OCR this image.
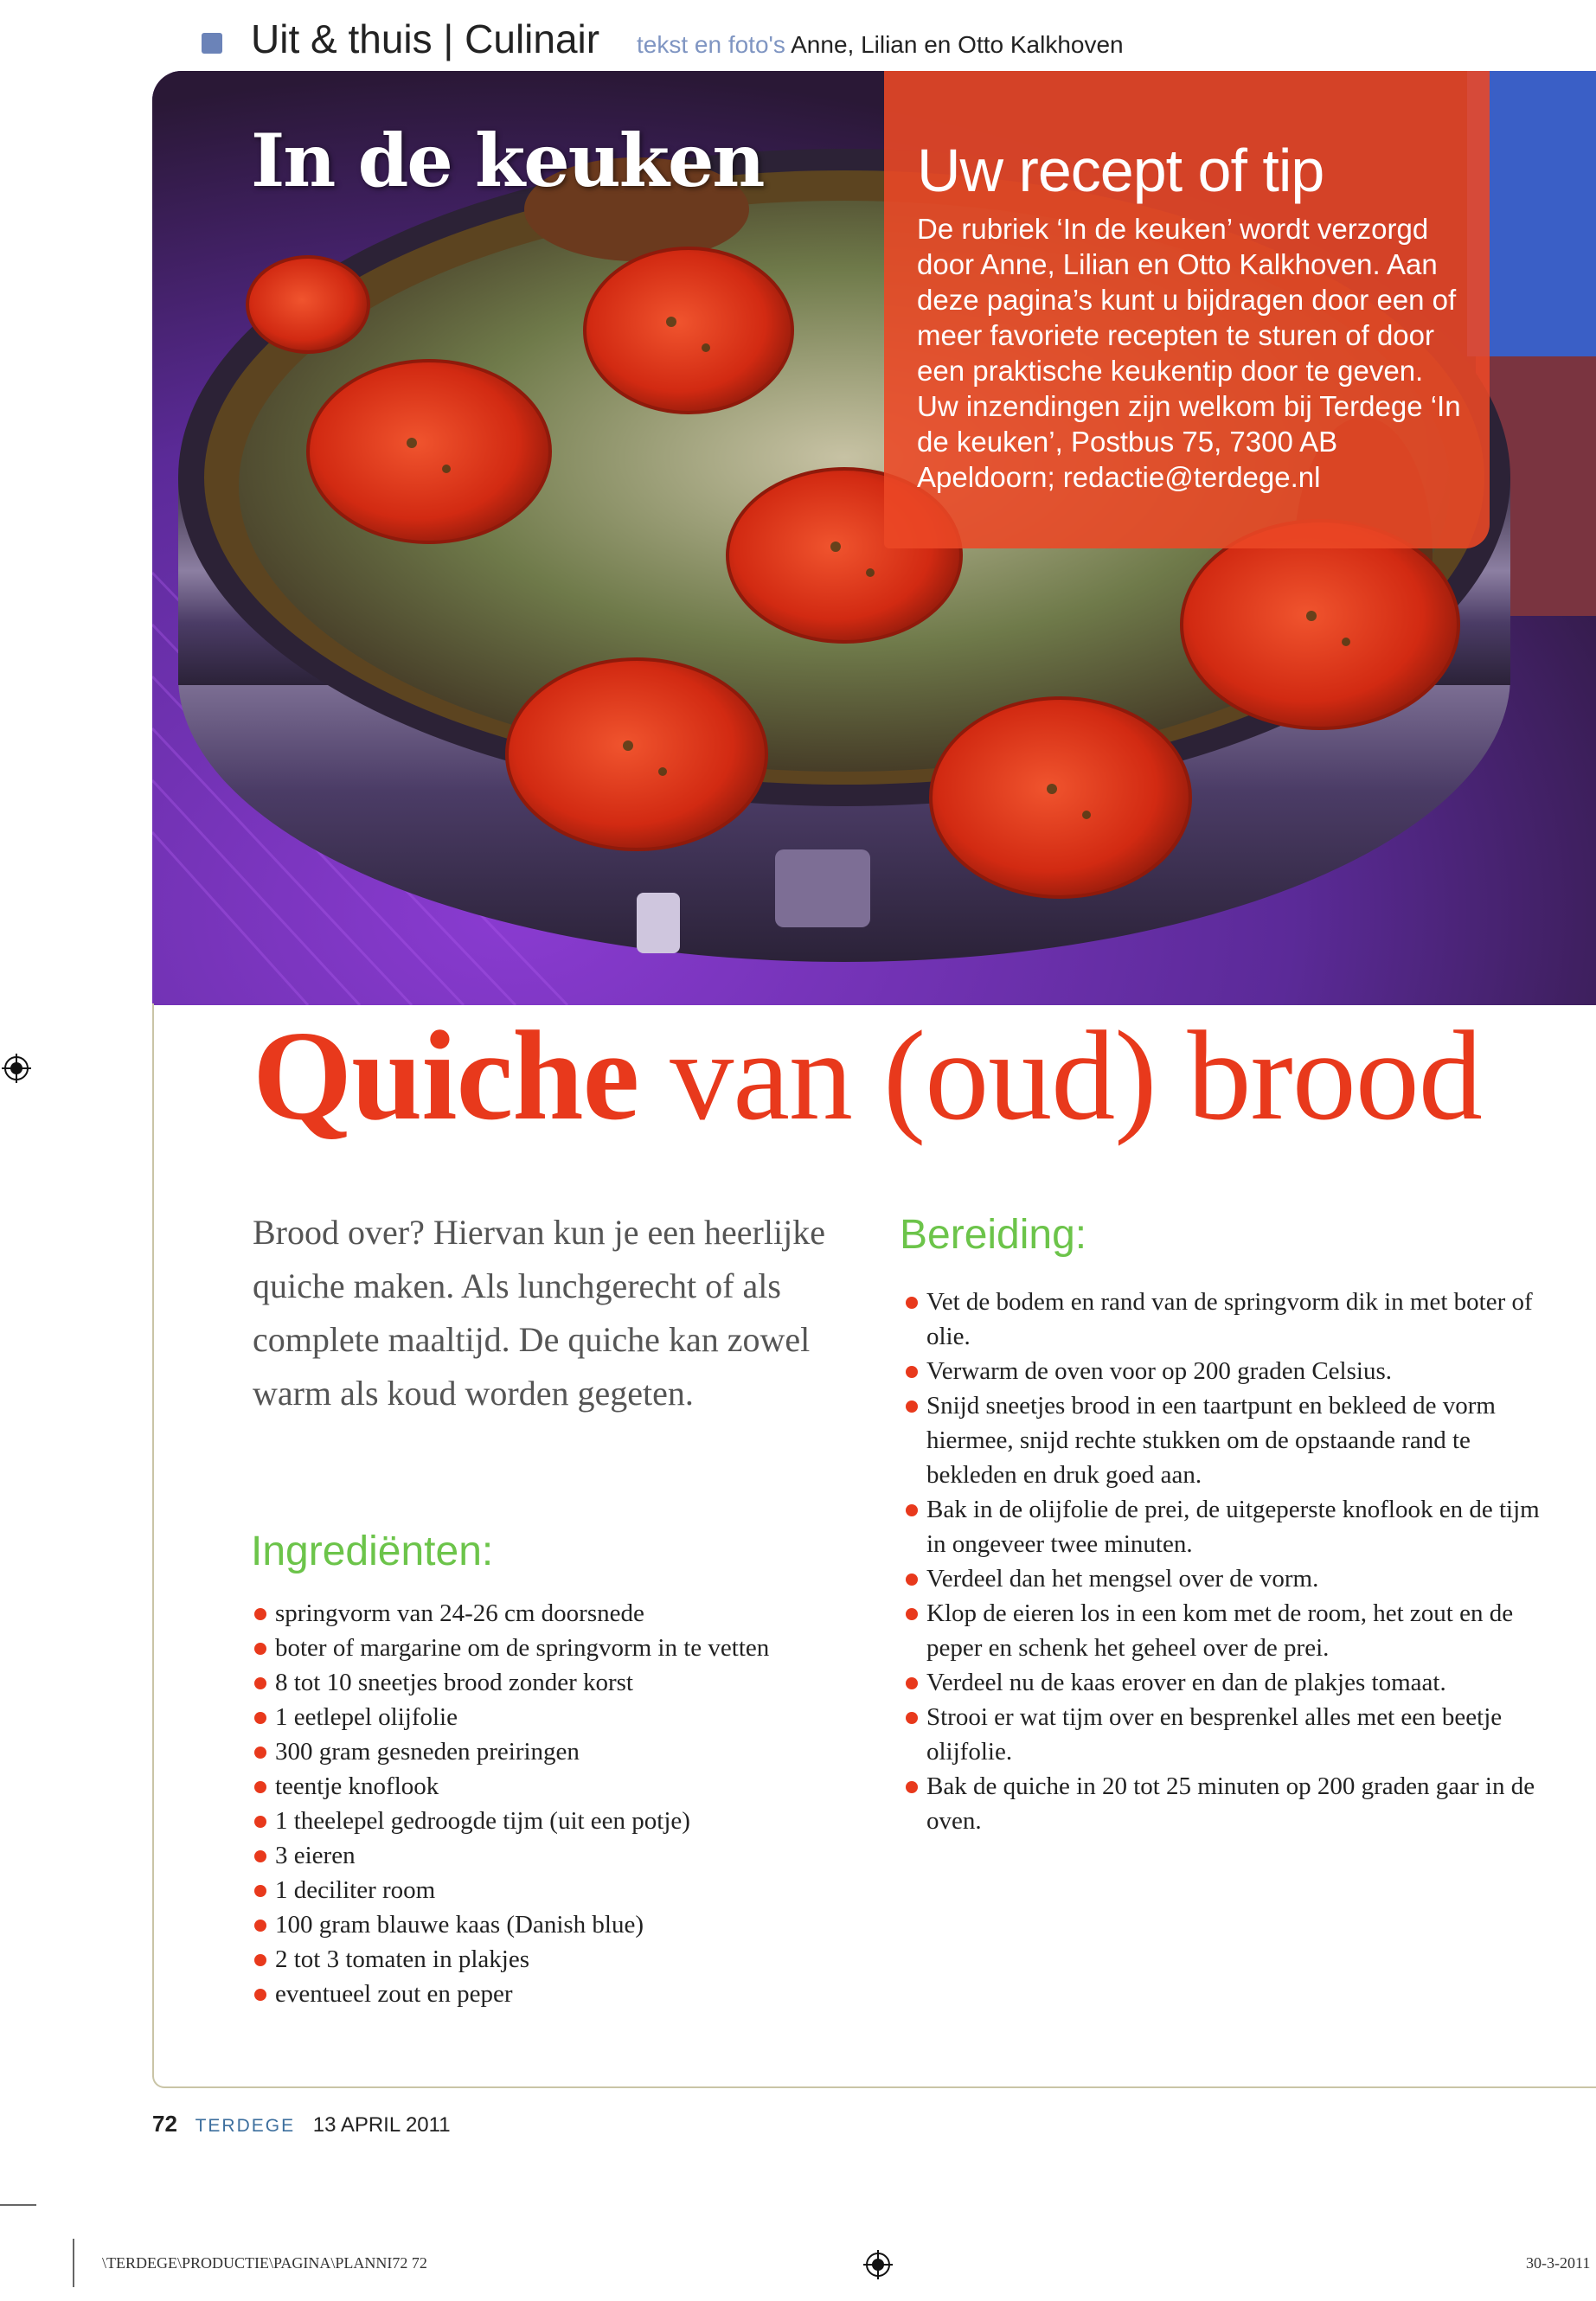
Uit & thuis | Culinair tekst en foto's Anne, Lilian en Otto Kalkhoven
In de keuken	Uw recept of tip

De rubriek ‘In de keuken’ wordt verzorgd door Anne, Lilian en Otto Kalkhoven. Aan deze pagina’s kunt u bijdragen door een of meer favoriete recepten te sturen of door een praktische keukentip door te geven. Uw inzendingen zijn welkom bij Terdege ‘In de keuken’, Postbus 75, 7300 AB Apeldoorn; redactie@terdege.nl

Quiche van (oud) brood

Brood over? Hiervan kun je een heerlijke quiche maken. Als lunchgerecht of als complete maaltijd. De quiche kan zowel warm als koud worden gegeten.

Ingrediënten:
springvorm van 24-26 cm doorsnede
boter of margarine om de springvorm in te vetten
8 tot 10 sneetjes brood zonder korst
1 eetlepel olijfolie
300 gram gesneden preiringen
teentje knoflook
1 theelepel gedroogde tijm (uit een potje)
3 eieren
1 deciliter room
100 gram blauwe kaas (Danish blue)
2 tot 3 tomaten in plakjes
eventueel zout en peper
Bereiding:
Vet de bodem en rand van de springvorm dik in met boter of olie.
Verwarm de oven voor op 200 graden Celsius.
Snijd sneetjes brood in een taartpunt en bekleed de vorm hiermee, snijd rechte stukken om de opstaande rand te bekleden en druk goed aan.
Bak in de olijfolie de prei, de uitgeperste knoflook en de tijm in ongeveer twee minuten.
Verdeel dan het mengsel over de vorm.
Klop de eieren los in een kom met de room, het zout en de peper en schenk het geheel over de prei.
Verdeel nu de kaas erover en dan de plakjes tomaat.
Strooi er wat tijm over en besprenkel alles met een beetje olijfolie.
Bak de quiche in 20 tot 25 minuten op 200 graden gaar in de oven.
72 TERDEGE 13 APRIL 2011
\TERDEGE\PRODUCTIE\PAGINA\PLANNI72 72	30-3-2011
